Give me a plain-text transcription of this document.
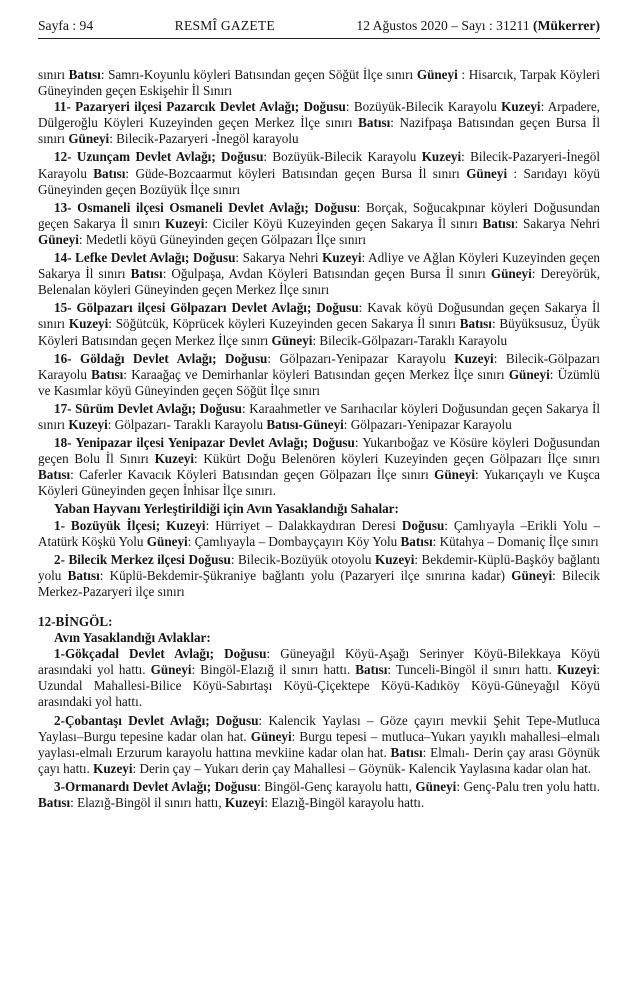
Sayfa : 94	RESMÎ GAZETE	12 Ağustos 2020 – Sayı : 31211 (Mükerrer)

sınırı Batısı: Samrı-Koyunlu köyleri Batısından geçen Söğüt İlçe sınırı Güneyi : Hisarcık, Tarpak Köyleri Güneyinden geçen Eskişehir İl Sınırı

11- Pazaryeri ilçesi Pazarcık Devlet Avlağı; Doğusu: Bozüyük-Bilecik Karayolu Kuzeyi: Arpadere, Dülgeroğlu Köyleri Kuzeyinden geçen Merkez İlçe sınırı Batısı: Nazifpaşa Batısından geçen Bursa İl sınırı Güneyi: Bilecik-Pazaryeri -İnegöl karayolu

12- Uzunçam Devlet Avlağı; Doğusu: Bozüyük-Bilecik Karayolu Kuzeyi: Bilecik-Pazaryeri-İnegöl Karayolu Batısı: Güde-Bozcaarmut köyleri Batısından geçen Bursa İl sınırı Güneyi : Sarıdayı köyü Güneyinden geçen Bozüyük İlçe sınırı

13- Osmaneli ilçesi Osmaneli Devlet Avlağı; Doğusu: Borçak, Soğucakpınar köyleri Doğusundan geçen Sakarya İl sınırı Kuzeyi: Ciciler Köyü Kuzeyinden geçen Sakarya İl sınırı Batısı: Sakarya Nehri Güneyi: Medetli köyü Güneyinden geçen Gölpazarı İlçe sınırı

14- Lefke Devlet Avlağı; Doğusu: Sakarya Nehri Kuzeyi: Adliye ve Ağlan Köyleri Kuzeyinden geçen Sakarya İl sınırı Batısı: Oğulpaşa, Avdan Köyleri Batısından geçen Bursa İl sınırı Güneyi: Dereyörük, Belenalan köyleri Güneyinden geçen Merkez İlçe sınırı

15- Gölpazarı ilçesi Gölpazarı Devlet Avlağı; Doğusu: Kavak köyü Doğusundan geçen Sakarya İl sınırı Kuzeyi: Söğütcük, Köprücek köyleri Kuzeyinden gecen Sakarya İl sınırı Batısı: Büyüksusuz, Üyük Köyleri Batısından geçen Merkez İlçe sınırı Güneyi: Bilecik-Gölpazarı-Taraklı Karayolu

16- Göldağı Devlet Avlağı; Doğusu: Gölpazarı-Yenipazar Karayolu Kuzeyi: Bilecik-Gölpazarı Karayolu Batısı: Karaağaç ve Demirhanlar köyleri Batısından geçen Merkez İlçe sınırı Güneyi: Üzümlü ve Kasımlar köyü Güneyinden geçen Söğüt İlçe sınırı

17- Sürüm Devlet Avlağı; Doğusu: Karaahmetler ve Sarıhacılar köyleri Doğusundan geçen Sakarya İl sınırı Kuzeyi: Gölpazarı- Taraklı Karayolu Batısı-Güneyi: Gölpazarı-Yenipazar Karayolu

18- Yenipazar ilçesi Yenipazar Devlet Avlağı; Doğusu: Yukarıboğaz ve Kösüre köyleri Doğusundan geçen Bolu İl Sınırı Kuzeyi: Kükürt Doğu Belenören köyleri Kuzeyinden geçen Gölpazarı İlçe sınırı Batısı: Caferler Kavacık Köyleri Batısından geçen Gölpazarı İlçe sınırı Güneyi: Yukarıçaylı ve Kuşca Köyleri Güneyinden geçen İnhisar İlçe sınırı.

Yaban Hayvanı Yerleştirildiği için Avın Yasaklandığı Sahalar:

1- Bozüyük İlçesi; Kuzeyi: Hürriyet – Dalakkaydıran Deresi Doğusu: Çamlıyayla –Erikli Yolu – Atatürk Köşkü Yolu Güneyi: Çamlıyayla – Dombayçayırı Köy Yolu Batısı: Kütahya – Domaniç İlçe sınırı

2- Bilecik Merkez ilçesi Doğusu: Bilecik-Bozüyük otoyolu Kuzeyi: Bekdemir-Küplü-Başköy bağlantı yolu Batısı: Küplü-Bekdemir-Şükraniye bağlantı yolu (Pazaryeri ilçe sınırına kadar) Güneyi: Bilecik Merkez-Pazaryeri ilçe sınırı

12-BİNGÖL:

Avın Yasaklandığı Avlaklar:

1-Gökçadal Devlet Avlağı; Doğusu: Güneyağıl Köyü-Aşağı Serinyer Köyü-Bilekkaya Köyü arasındaki yol hattı. Güneyi: Bingöl-Elazığ il sınırı hattı. Batısı: Tunceli-Bingöl il sınırı hattı. Kuzeyi: Uzundal Mahallesi-Bilice Köyü-Sabırtaşı Köyü-Çiçektepe Köyü-Kadıköy Köyü-Güneyağıl Köyü arasındaki yol hattı.

2-Çobantaşı Devlet Avlağı; Doğusu: Kalencik Yaylası – Göze çayırı mevkii Şehit Tepe-Mutluca Yaylası–Burgu tepesine kadar olan hat. Güneyi: Burgu tepesi – mutluca–Yukarı yayıklı mahallesi–elmalı yaylası-elmalı Erzurum karayolu hattına mevkiine kadar olan hat. Batısı: Elmalı- Derin çay arası Göynük çayı hattı. Kuzeyi: Derin çay – Yukarı derin çay Mahallesi – Göynük- Kalencik Yaylasına kadar olan hat.

3-Ormanardı Devlet Avlağı; Doğusu: Bingöl-Genç karayolu hattı, Güneyi: Genç-Palu tren yolu hattı. Batısı: Elazığ-Bingöl il sınırı hattı, Kuzeyi: Elazığ-Bingöl karayolu hattı.
